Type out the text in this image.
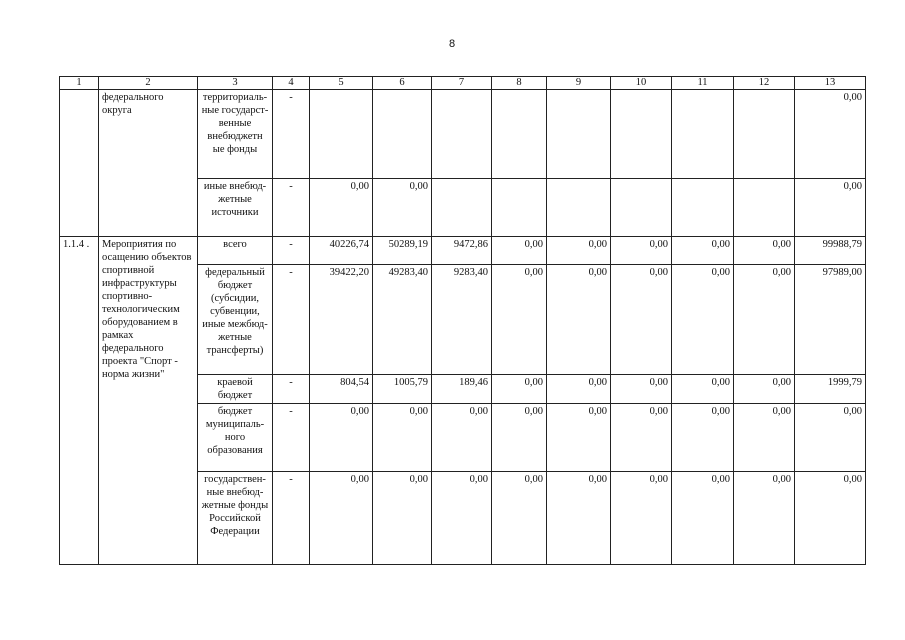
8
1	2	3	4	5	6	7	8	9	10	11	12	13
	федерального округа	территориаль-ные государст-венные внебюджетн ые фонды	-									0,00
		иные внебюд-жетные источники	-	0,00	0,00							0,00
1.1.4 .	Мероприятия по осащению объектов спортивной инфраструктуры спортивно-технологическим оборудованием в рамках федерального проекта "Спорт - норма жизни"	всего	-	40226,74	50289,19	9472,86	0,00	0,00	0,00	0,00	0,00	99988,79
		федеральный бюджет (субсидии, субвенции, иные межбюд-жетные трансферты)	-	39422,20	49283,40	9283,40	0,00	0,00	0,00	0,00	0,00	97989,00
		краевой бюджет	-	804,54	1005,79	189,46	0,00	0,00	0,00	0,00	0,00	1999,79
		бюджет муниципаль-ного образования	-	0,00	0,00	0,00	0,00	0,00	0,00	0,00	0,00	0,00
		государствен-ные внебюд-жетные фонды Российской Федерации	-	0,00	0,00	0,00	0,00	0,00	0,00	0,00	0,00	0,00
